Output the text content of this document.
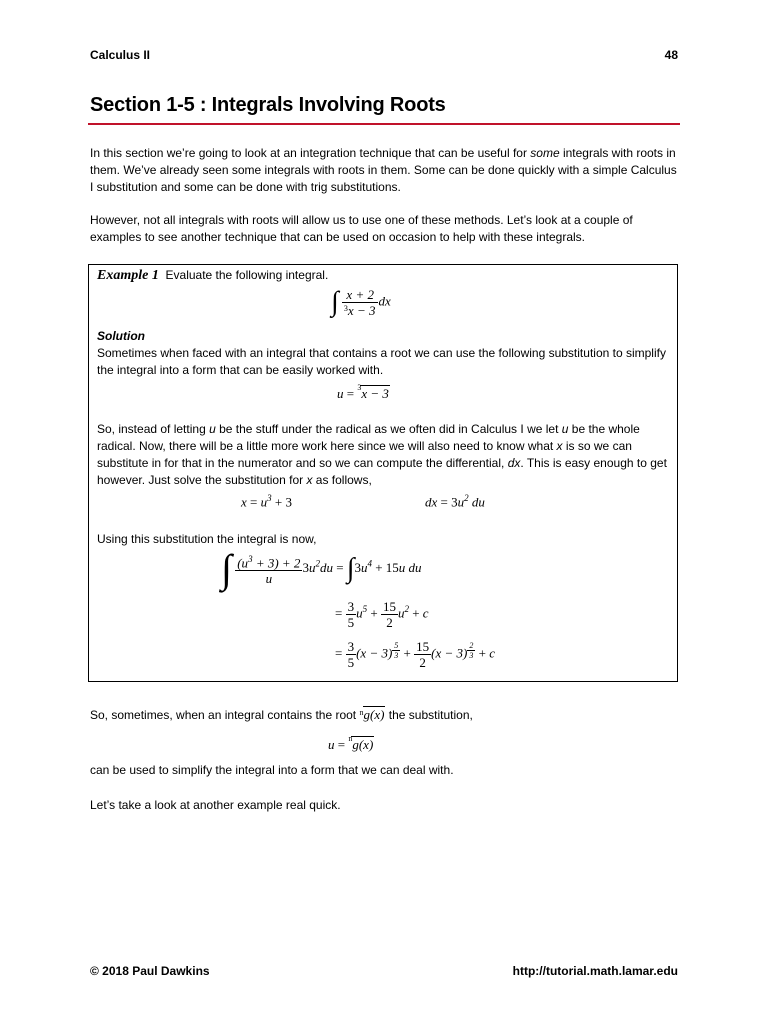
Calculus II	48
Section 1-5 : Integrals Involving Roots
In this section we’re going to look at an integration technique that can be useful for some integrals with roots in them. We’ve already seen some integrals with roots in them. Some can be done quickly with a simple Calculus I substitution and some can be done with trig substitutions.
However, not all integrals with roots will allow us to use one of these methods. Let’s look at a couple of examples to see another technique that can be used on occasion to help with these integrals.
Example 1 Evaluate the following integral.
∫ $\frac{x + 2}{^3x - 3}$ dx
Solution
Sometimes when faced with an integral that contains a root we can use the following substitution to simplify the integral into a form that can be easily worked with.
u = $^3$x − 3
So, instead of letting u be the stuff under the radical as we often did in Calculus I we let u be the whole radical. Now, there will be a little more work here since we will also need to know what x is so we can substitute in for that in the numerator and so we can compute the differential, dx. This is easy enough to get however. Just solve the substitution for x as follows,
$x = u^3 + 3$	dx = $3u^2$ du
Using this substitution the integral is now,
∫ $\frac{(u^3 + 3) + 2}{u} 3u^2du = \int 3u^4 + 15u$ du
= $\frac{3}{5} u^5 + \frac{15}{2} u^2 + c$
= $\frac{3}{5} (x - 3) ^{\frac{5}{3}} + \frac{15}{2} (x - 3) ^{\frac{2}{3}} + c$
So, sometimes, when an integral contains the root $^n$g(x) the substitution,
u = $^n$g(x)
can be used to simplify the integral into a form that we can deal with.
Let’s take a look at another example real quick.
© 2018 Paul Dawkins	http://tutorial.math.lamar.edu
